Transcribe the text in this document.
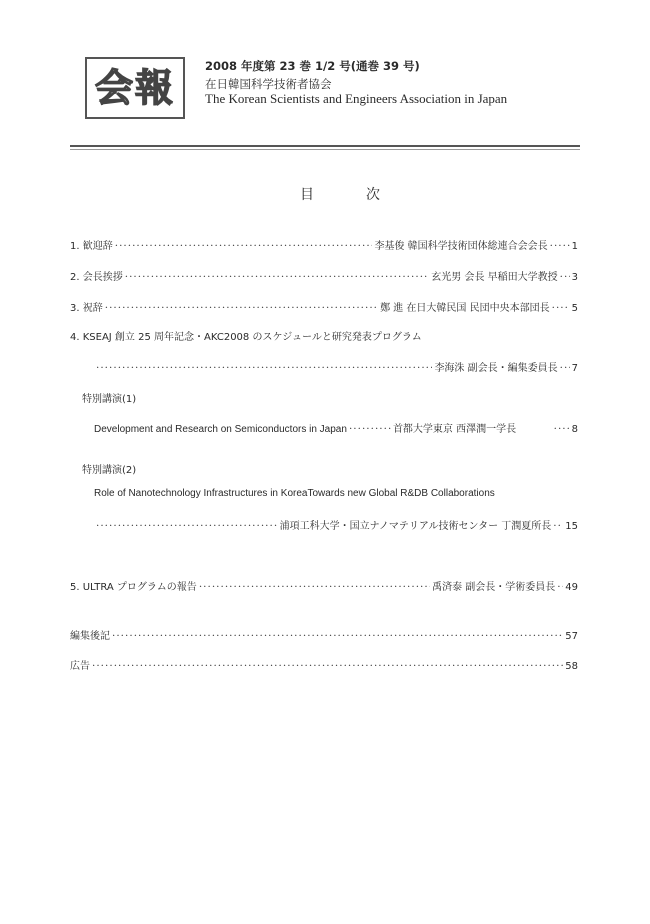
会報	2008 年度第 23 巻 1/2 号(通巻 39 号)
在日韓国科学技術者協会
The Korean Scientists and Engineers Association in Japan
目	次
1. 歓迎辞 ·····	李基俊 韓国科学技術団体総連合会会長 ····· 1
2. 会長挨拶 ·····	玄光男 会長 早稲田大学教授 ····· 3
3. 祝辞 ·····	鄭 進 在日大韓民国 民団中央本部団長 ····· 5
4. KSEAJ 創立 25 周年記念・AKC2008 のスケジュールと研究発表プログラム
·····
李海洙 副会長・編集委員長 ····· 7
特別講演(1)
Development and Research on Semiconductors in Japan ·····	首都大学東京 西澤潤一学長 ·····	8
特別講演(2)
Role of Nanotechnology Infrastructures in KoreaTowards new Global R&DB Collaborations
·····
浦項工科大学・国立ナノマテリアル技術センター 丁潤夏所長 ····· 15
5. ULTRA プログラムの報告 ·····	禹済泰 副会長・学術委員長 ····· 49
編集後記 ·····	57
広告 ·····	58
